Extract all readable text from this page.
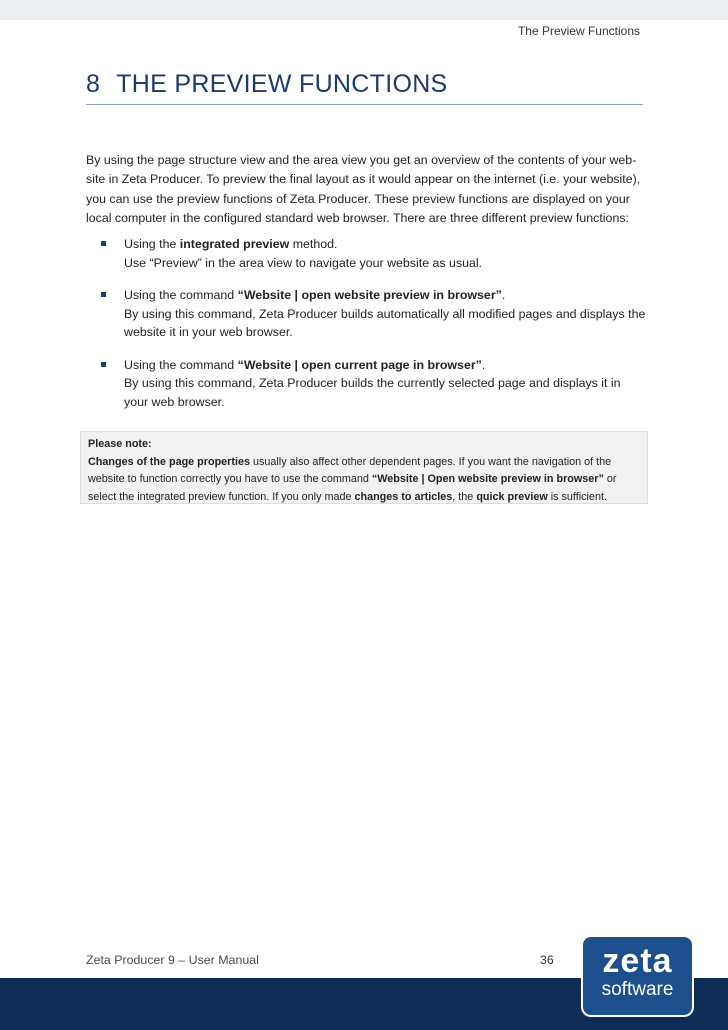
The Preview Functions
8 THE PREVIEW FUNCTIONS

By using the page structure view and the area view you get an overview of the contents of your web-site in Zeta Producer. To preview the final layout as it would appear on the internet (i.e. your website), you can use the preview functions of Zeta Producer. These preview functions are displayed on your local computer in the configured standard web browser. There are three different preview functions:

Using the integrated preview method.
Use “Preview” in the area view to navigate your website as usual.
Using the command “Website | open website preview in browser”.
By using this command, Zeta Producer builds automatically all modified pages and displays the website it in your web browser.
Using the command “Website | open current page in browser”.
By using this command, Zeta Producer builds the currently selected page and displays it in your web browser.

Please note:

Changes of the page properties usually also affect other dependent pages. If you want the navigation of the website to function correctly you have to use the command “Website | Open website preview in browser” or select the integrated preview function. If you only made changes to articles, the quick preview is sufficient.

Zeta Producer 9 – User Manual	36	zeta
software
